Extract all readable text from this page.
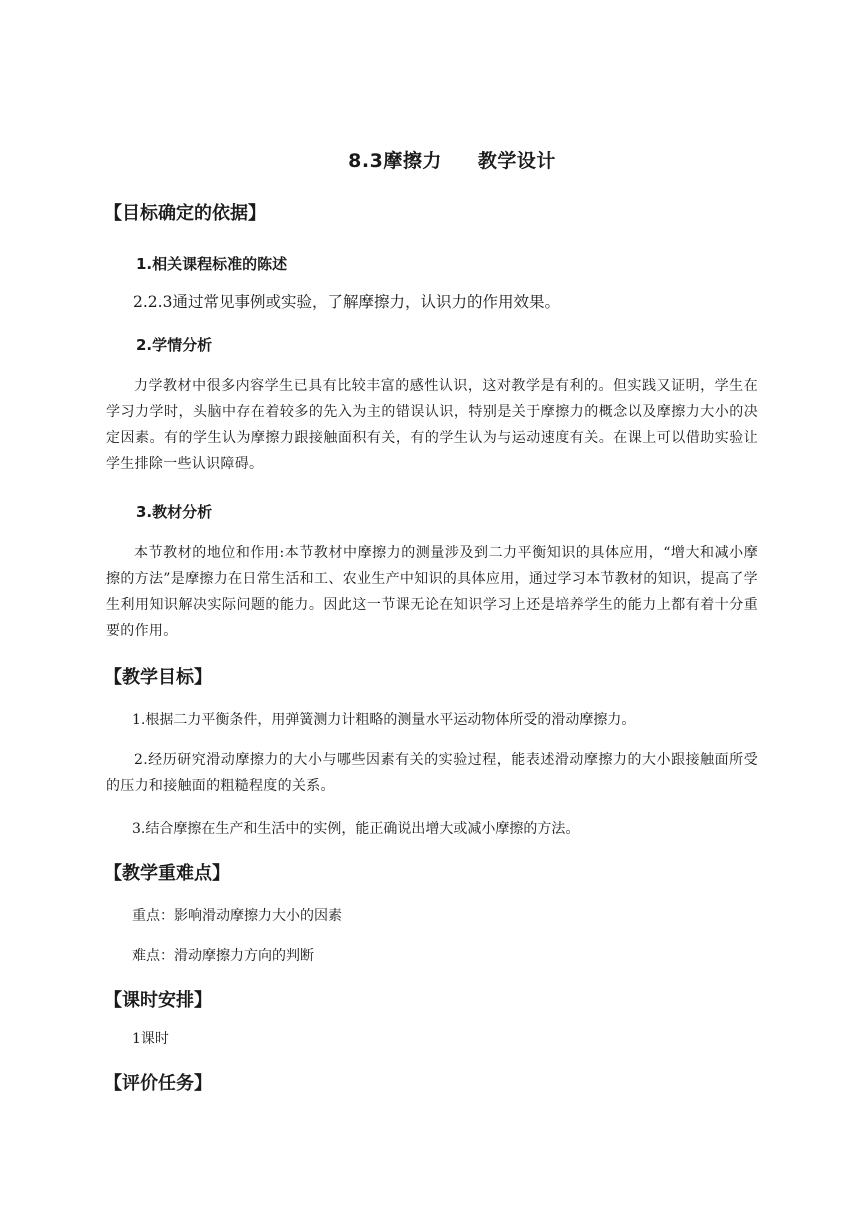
8.3摩擦力 教学设计
【目标确定的依据】
1.相关课程标准的陈述
2.2.3通过常见事例或实验，了解摩擦力，认识力的作用效果。
2.学情分析
力学教材中很多内容学生已具有比较丰富的感性认识，这对教学是有利的。但实践又证明，学生在学习力学时，头脑中存在着较多的先入为主的错误认识，特别是关于摩擦力的概念以及摩擦力大小的决定因素。有的学生认为摩擦力跟接触面积有关，有的学生认为与运动速度有关。在课上可以借助实验让学生排除一些认识障碍。
3.教材分析
本节教材的地位和作用:本节教材中摩擦力的测量涉及到二力平衡知识的具体应用，“增大和减小摩擦的方法”是摩擦力在日常生活和工、农业生产中知识的具体应用，通过学习本节教材的知识，提高了学生利用知识解决实际问题的能力。因此这一节课无论在知识学习上还是培养学生的能力上都有着十分重要的作用。
【教学目标】
1.根据二力平衡条件，用弹簧测力计粗略的测量水平运动物体所受的滑动摩擦力。
2.经历研究滑动摩擦力的大小与哪些因素有关的实验过程，能表述滑动摩擦力的大小跟接触面所受的压力和接触面的粗糙程度的关系。
3.结合摩擦在生产和生活中的实例，能正确说出增大或减小摩擦的方法。
【教学重难点】
重点：影响滑动摩擦力大小的因素
难点：滑动摩擦力方向的判断
【课时安排】
1课时
【评价任务】
